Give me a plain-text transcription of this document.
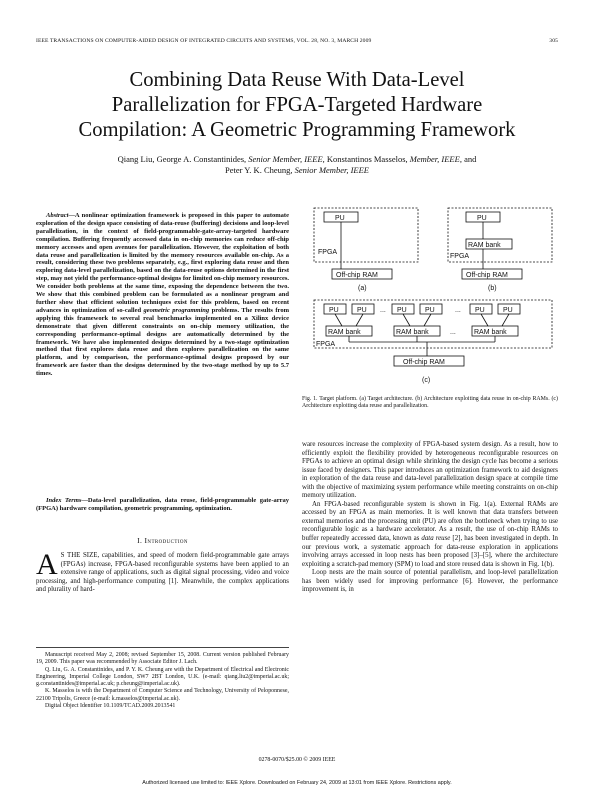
IEEE TRANSACTIONS ON COMPUTER-AIDED DESIGN OF INTEGRATED CIRCUITS AND SYSTEMS, VOL. 28, NO. 3, MARCH 2009	305
Combining Data Reuse With Data-Level
Parallelization for FPGA-Targeted Hardware
Compilation: A Geometric Programming Framework
Qiang Liu, George A. Constantinides, Senior Member, IEEE, Konstantinos Masselos, Member, IEEE, and
Peter Y. K. Cheung, Senior Member, IEEE
Abstract—A nonlinear optimization framework is proposed in this paper to automate exploration of the design space consisting of data-reuse (buffering) decisions and loop-level parallelization, in the context of field-programmable-gate-array-targeted hardware compilation. Buffering frequently accessed data in on-chip memories can reduce off-chip memory accesses and open avenues for parallelization. However, the exploitation of both data reuse and parallelization is limited by the memory resources available on-chip. As a result, considering these two problems separately, e.g., first exploring data reuse and then exploring data-level parallelization, based on the data-reuse options determined in the first step, may not yield the performance-optimal designs for limited on-chip memory resources. We consider both problems at the same time, exposing the dependence between the two. We show that this combined problem can be formulated as a nonlinear program and further show that efficient solution techniques exist for this problem, based on recent advances in optimization of so-called geometric programming problems. The results from applying this framework to several real benchmarks implemented on a Xilinx device demonstrate that given different constraints on on-chip memory utilization, the corresponding performance-optimal designs are automatically determined by the framework. We have also implemented designs determined by a two-stage optimization method that first explores data reuse and then explores parallelization on the same platform, and by comparison, the performance-optimal designs proposed by our framework are faster than the designs determined by the two-stage method by up to 5.7 times.
Index Terms—Data-level parallelization, data reuse, field-programmable gate-array (FPGA) hardware compilation, geometric programming, optimization.
I. Introduction
A S THE SIZE, capabilities, and speed of modern field-programmable gate arrays (FPGAs) increase, FPGA-based reconfigurable systems have been applied to an extensive range of applications, such as digital signal processing, video and voice processing, and high-performance computing [1]. Meanwhile, the complex applications and plurality of hard-

Manuscript received May 2, 2008; revised September 15, 2008. Current version published February 19, 2009. This paper was recommended by Associate Editor J. Lach.

Q. Liu, G. A. Constantinides, and P. Y. K. Cheung are with the Department of Electrical and Electronic Engineering, Imperial College London, SW7 2BT London, U.K. (e-mail: qiang.liu2@imperial.ac.uk; g.constantinides@imperial.ac.uk; p.cheung@imperial.ac.uk).

K. Masselos is with the Department of Computer Science and Technology, University of Peloponnese, 22100 Tripolis, Greece (e-mail: k.masselos@imperial.ac.uk).

Digital Object Identifier 10.1109/TCAD.2009.2013541

PU
FPGA
Off-chip RAM
(a)
PU
RAM bank
FPGA
Off-chip RAM
(b)
PU	PU ... PU	PU	... PU	PU
RAM bank	RAM bank	...	RAM bank
FPGA
Off-chip RAM
(c)
Fig. 1. Target platform. (a) Target architecture. (b) Architecture exploiting data reuse in on-chip RAMs. (c) Architecture exploiting data reuse and parallelization.

ware resources increase the complexity of FPGA-based system design. As a result, how to efficiently exploit the flexibility provided by heterogeneous reconfigurable resources on FPGAs to achieve an optimal design while shrinking the design cycle has become a serious issue faced by designers. This paper introduces an optimization framework to aid designers in exploration of the data reuse and data-level parallelization design space at compile time with the objective of maximizing system performance while meeting constraints on on-chip memory utilization.

An FPGA-based reconfigurable system is shown in Fig. 1(a). External RAMs are accessed by an FPGA as main memories. It is well known that data transfers between external memories and the processing unit (PU) are often the bottleneck when trying to use reconfigurable logic as a hardware accelerator. As a result, the use of on-chip RAMs to buffer repeatedly accessed data, known as data reuse [2], has been investigated in depth. In our previous work, a systematic approach for data-reuse exploration in applications involving arrays accessed in loop nests has been proposed [3]–[5], where the architecture exploiting a scratch-pad memory (SPM) to load and store reused data is shown in Fig. 1(b).

Loop nests are the main source of potential parallelism, and loop-level parallelization has been widely used for improving performance [6]. However, the performance improvement is, in

0278-0070/$25.00 © 2009 IEEE
Authorized licensed use limited to: IEEE Xplore. Downloaded on February 24, 2009 at 13:01 from IEEE Xplore. Restrictions apply.
